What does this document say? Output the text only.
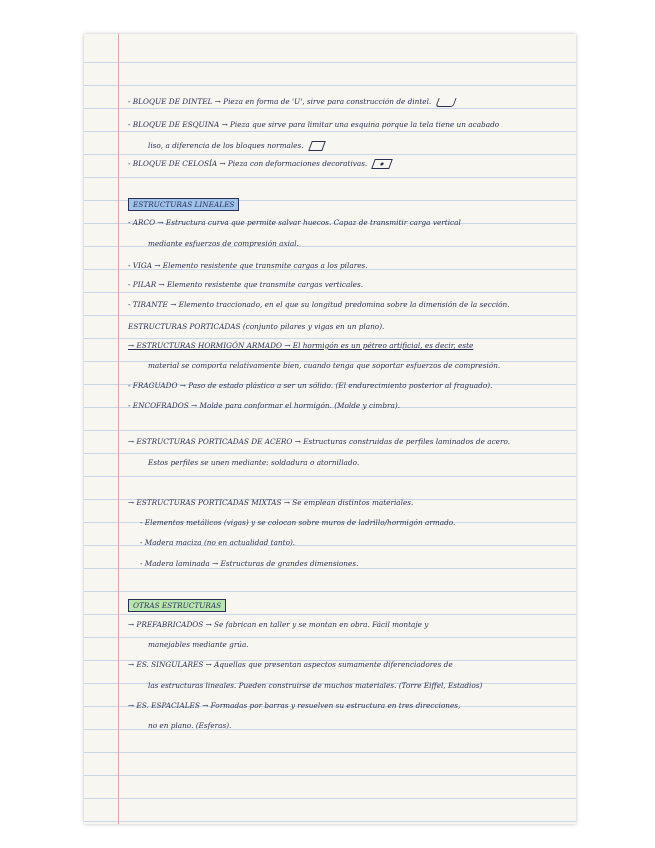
- BLOQUE DE DINTEL → Pieza en forma de 'U', sirve para construcción de dintel.
- BLOQUE DE ESQUINA → Pieza que sirve para limitar una esquina porque la tela tiene un acabado
liso, a diferencia de los bloques normales.
- BLOQUE DE CELOSÍA → Pieza con deformaciones decorativas.
ESTRUCTURAS LINEALES
- ARCO → Estructura curva que permite salvar huecos. Capaz de transmitir carga vertical
mediante esfuerzos de compresión axial.
- VIGA → Elemento resistente que transmite cargas a los pilares.
- PILAR → Elemento resistente que transmite cargas verticales.
- TIRANTE → Elemento traccionado, en el que su longitud predomina sobre la dimensión de la sección.
ESTRUCTURAS PORTICADAS (conjunto pilares y vigas en un plano).
→ ESTRUCTURAS HORMIGÓN ARMADO → El hormigón es un pétreo artificial, es decir, este
material se comporta relativamente bien, cuando tenga que soportar esfuerzos de compresión.
- FRAGUADO → Paso de estado plástico a ser un sólido. (El endurecimiento posterior al fraguado).
- ENCOFRADOS → Molde para conformar el hormigón. (Molde y cimbra).
→ ESTRUCTURAS PORTICADAS DE ACERO → Estructuras construidas de perfiles laminados de acero.
Estos perfiles se unen mediante: soldadura o atornillado.
→ ESTRUCTURAS PORTICADAS MIXTAS → Se emplean distintos materiales.
- Elementos metálicos (vigas) y se colocan sobre muros de ladrillo/hormigón armado.
- Madera maciza (no en actualidad tanto).
- Madera laminada → Estructuras de grandes dimensiones.
OTRAS ESTRUCTURAS
→ PREFABRICADOS → Se fabrican en taller y se montan en obra. Fácil montaje y
manejables mediante grúa.
→ ES. SINGULARES → Aquellas que presentan aspectos sumamente diferenciadores de
las estructuras lineales. Pueden construirse de muchos materiales. (Torre Eiffel, Estadios)
→ ES. ESPACIALES → Formadas por barras y resuelven su estructura en tres direcciones,
no en plano. (Esferas).
